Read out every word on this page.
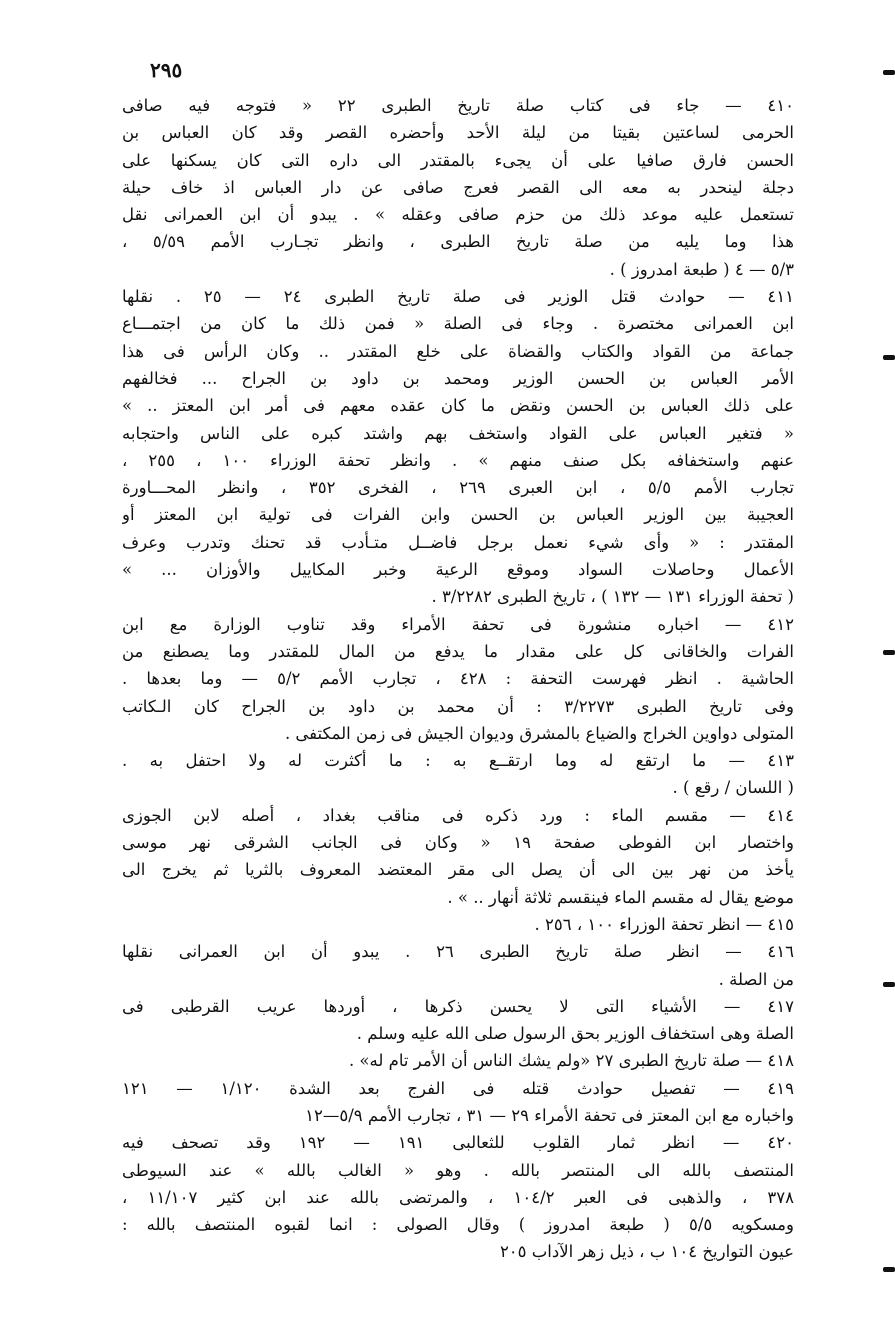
٢٩٥
٤١٠ — جاء فى كتاب صلة تاريخ الطبرى ٢٢ « فتوجه فيه صافى
الحرمى لساعتين بقيتا من ليلة الأحد وأحضره القصر وقد كان العباس بن
الحسن فارق صافيا على أن يجىء بالمقتدر الى داره التى كان يسكنها على
دجلة لينحدر به معه الى القصر فعرج صافى عن دار العباس اذ خاف حيلة
تستعمل عليه موعد ذلك من حزم صافى وعقله » . يبدو أن ابن العمرانى نقل
هذا وما يليه من صلة تاريخ الطبرى ، وانظر تجـارب الأمم ٥/٥٩ ،
٥/٣ — ٤ ( طبعة امدروز ) .
٤١١ — حوادث قتل الوزير فى صلة تاريخ الطبرى ٢٤ — ٢٥ . نقلها
ابن العمرانى مختصرة . وجاء فى الصلة « فمن ذلك ما كان من اجتمـــاع
جماعة من القواد والكتاب والقضاة على خلع المقتدر .. وكان الرأس فى هذا
الأمر العباس بن الحسن الوزير ومحمد بن داود بن الجراح ... فخالفهم
على ذلك العباس بن الحسن ونقض ما كان عقده معهم فى أمر ابن المعتز .. »
« فتغير العباس على القواد واستخف بهم واشتد كبره على الناس واحتجابه
عنهم واستخفافه بكل صنف منهم » . وانظر تحفة الوزراء ١٠٠ ، ٢٥٥ ،
تجارب الأمم ٥/٥ ، ابن العبرى ٢٦٩ ، الفخرى ٣٥٢ ، وانظر المحـــاورة
العجيبة بين الوزير العباس بن الحسن وابن الفرات فى تولية ابن المعتز أو
المقتدر : « وأى شيء نعمل برجل فاضــل متـأدب قد تحنك وتدرب وعرف
الأعمال وحاصلات السواد وموقع الرعية وخبر المكاييل والأوزان ... »
( تحفة الوزراء ١٣١ — ١٣٢ ) ، تاريخ الطبرى ٣/٢٢٨٢ .
٤١٢ — اخباره منشورة فى تحفة الأمراء وقد تناوب الوزارة مع ابن
الفرات والخاقانى كل على مقدار ما يدفع من المال للمقتدر وما يصطنع من
الحاشية . انظر فهرست التحفة : ٤٢٨ ، تجارب الأمم ٥/٢ — وما بعدها .
وفى تاريخ الطبرى ٣/٢٢٧٣ : أن محمد بن داود بن الجراح كان الـكاتب
المتولى دواوين الخراج والضياع بالمشرق وديوان الجيش فى زمن المكتفى .
٤١٣ — ما ارتقع له وما ارتقــع به : ما أكثرت له ولا احتفل به .
( اللسان / رقع ) .
٤١٤ — مقسم الماء : ورد ذكره فى مناقب بغداد ، أصله لابن الجوزى
واختصار ابن الفوطى صفحة ١٩ « وكان فى الجانب الشرقى نهر موسى
يأخذ من نهر بين الى أن يصل الى مقر المعتضد المعروف بالثريا ثم يخرج الى
موضع يقال له مقسم الماء فينقسم ثلاثة أنهار .. » .
٤١٥ — انظر تحفة الوزراء ١٠٠ ، ٢٥٦ .
٤١٦ — انظر صلة تاريخ الطبرى ٢٦ . يبدو أن ابن العمرانى نقلها
من الصلة .
٤١٧ — الأشياء التى لا يحسن ذكرها ، أوردها عريب القرطبى فى
الصلة وهى استخفاف الوزير بحق الرسول صلى الله عليه وسلم .
٤١٨ — صلة تاريخ الطبرى ٢٧ «ولم يشك الناس أن الأمر تام له» .
٤١٩ — تفصيل حوادث قتله فى الفرج بعد الشدة ١/١٢٠ — ١٢١
واخباره مع ابن المعتز فى تحفة الأمراء ٢٩ — ٣١ ، تجارب الأمم ٥/٩—١٢
٤٢٠ — انظر ثمار القلوب للثعالبى ١٩١ — ١٩٢ وقد تصحف فيه
المنتصف بالله الى المنتصر بالله . وهو « الغالب بالله » عند السيوطى
٣٧٨ ، والذهبى فى العبر ١٠٤/٢ ، والمرتضى بالله عند ابن كثير ١١/١٠٧ ،
ومسكويه ٥/٥ ( طبعة امدروز ) وقال الصولى : انما لقبوه المنتصف بالله :
عيون التواريخ ١٠٤ ب ، ذيل زهر الآداب ٢٠٥
